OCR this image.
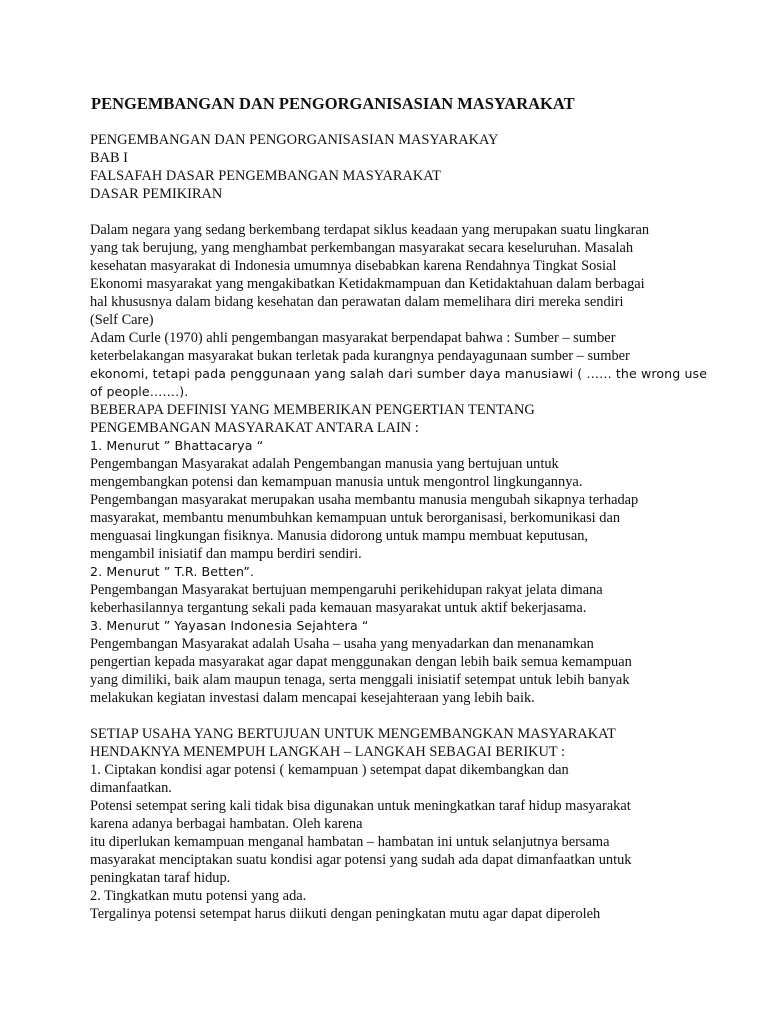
PENGEMBANGAN DAN PENGORGANISASIAN MASYARAKAT
PENGEMBANGAN DAN PENGORGANISASIAN MASYARAKAY
BAB I
FALSAFAH DASAR PENGEMBANGAN MASYARAKAT
DASAR PEMIKIRAN
Dalam negara yang sedang berkembang terdapat siklus keadaan yang merupakan suatu lingkaran
yang tak berujung, yang menghambat perkembangan masyarakat secara keseluruhan. Masalah
kesehatan masyarakat di Indonesia umumnya disebabkan karena Rendahnya Tingkat Sosial
Ekonomi masyarakat yang mengakibatkan Ketidakmampuan dan Ketidaktahuan dalam berbagai
hal khususnya dalam bidang kesehatan dan perawatan dalam memelihara diri mereka sendiri
(Self Care)
Adam Curle (1970) ahli pengembangan masyarakat berpendapat bahwa : Sumber – sumber
keterbelakangan masyarakat bukan terletak pada kurangnya pendayagunaan sumber – sumber
ekonomi, tetapi pada penggunaan yang salah dari sumber daya manusiawi ( …… the wrong use
of people…….).
BEBERAPA DEFINISI YANG MEMBERIKAN PENGERTIAN TENTANG
PENGEMBANGAN MASYARAKAT ANTARA LAIN :
1. Menurut ” Bhattacarya “
Pengembangan Masyarakat adalah Pengembangan manusia yang bertujuan untuk
mengembangkan potensi dan kemampuan manusia untuk mengontrol lingkungannya.
Pengembangan masyarakat merupakan usaha membantu manusia mengubah sikapnya terhadap
masyarakat, membantu menumbuhkan kemampuan untuk berorganisasi, berkomunikasi dan
menguasai lingkungan fisiknya. Manusia didorong untuk mampu membuat keputusan,
mengambil inisiatif dan mampu berdiri sendiri.
2. Menurut ” T.R. Betten”.
Pengembangan Masyarakat bertujuan mempengaruhi perikehidupan rakyat jelata dimana
keberhasilannya tergantung sekali pada kemauan masyarakat untuk aktif bekerjasama.
3. Menurut ” Yayasan Indonesia Sejahtera “
Pengembangan Masyarakat adalah Usaha – usaha yang menyadarkan dan menanamkan
pengertian kepada masyarakat agar dapat menggunakan dengan lebih baik semua kemampuan
yang dimiliki, baik alam maupun tenaga, serta menggali inisiatif setempat untuk lebih banyak
melakukan kegiatan investasi dalam mencapai kesejahteraan yang lebih baik.
SETIAP USAHA YANG BERTUJUAN UNTUK MENGEMBANGKAN MASYARAKAT
HENDAKNYA MENEMPUH LANGKAH – LANGKAH SEBAGAI BERIKUT :
1. Ciptakan kondisi agar potensi ( kemampuan ) setempat dapat dikembangkan dan
dimanfaatkan.
Potensi setempat sering kali tidak bisa digunakan untuk meningkatkan taraf hidup masyarakat
karena adanya berbagai hambatan. Oleh karena
itu diperlukan kemampuan menganal hambatan – hambatan ini untuk selanjutnya bersama
masyarakat menciptakan suatu kondisi agar potensi yang sudah ada dapat dimanfaatkan untuk
peningkatan taraf hidup.
2. Tingkatkan mutu potensi yang ada.
Tergalinya potensi setempat harus diikuti dengan peningkatan mutu agar dapat diperoleh
